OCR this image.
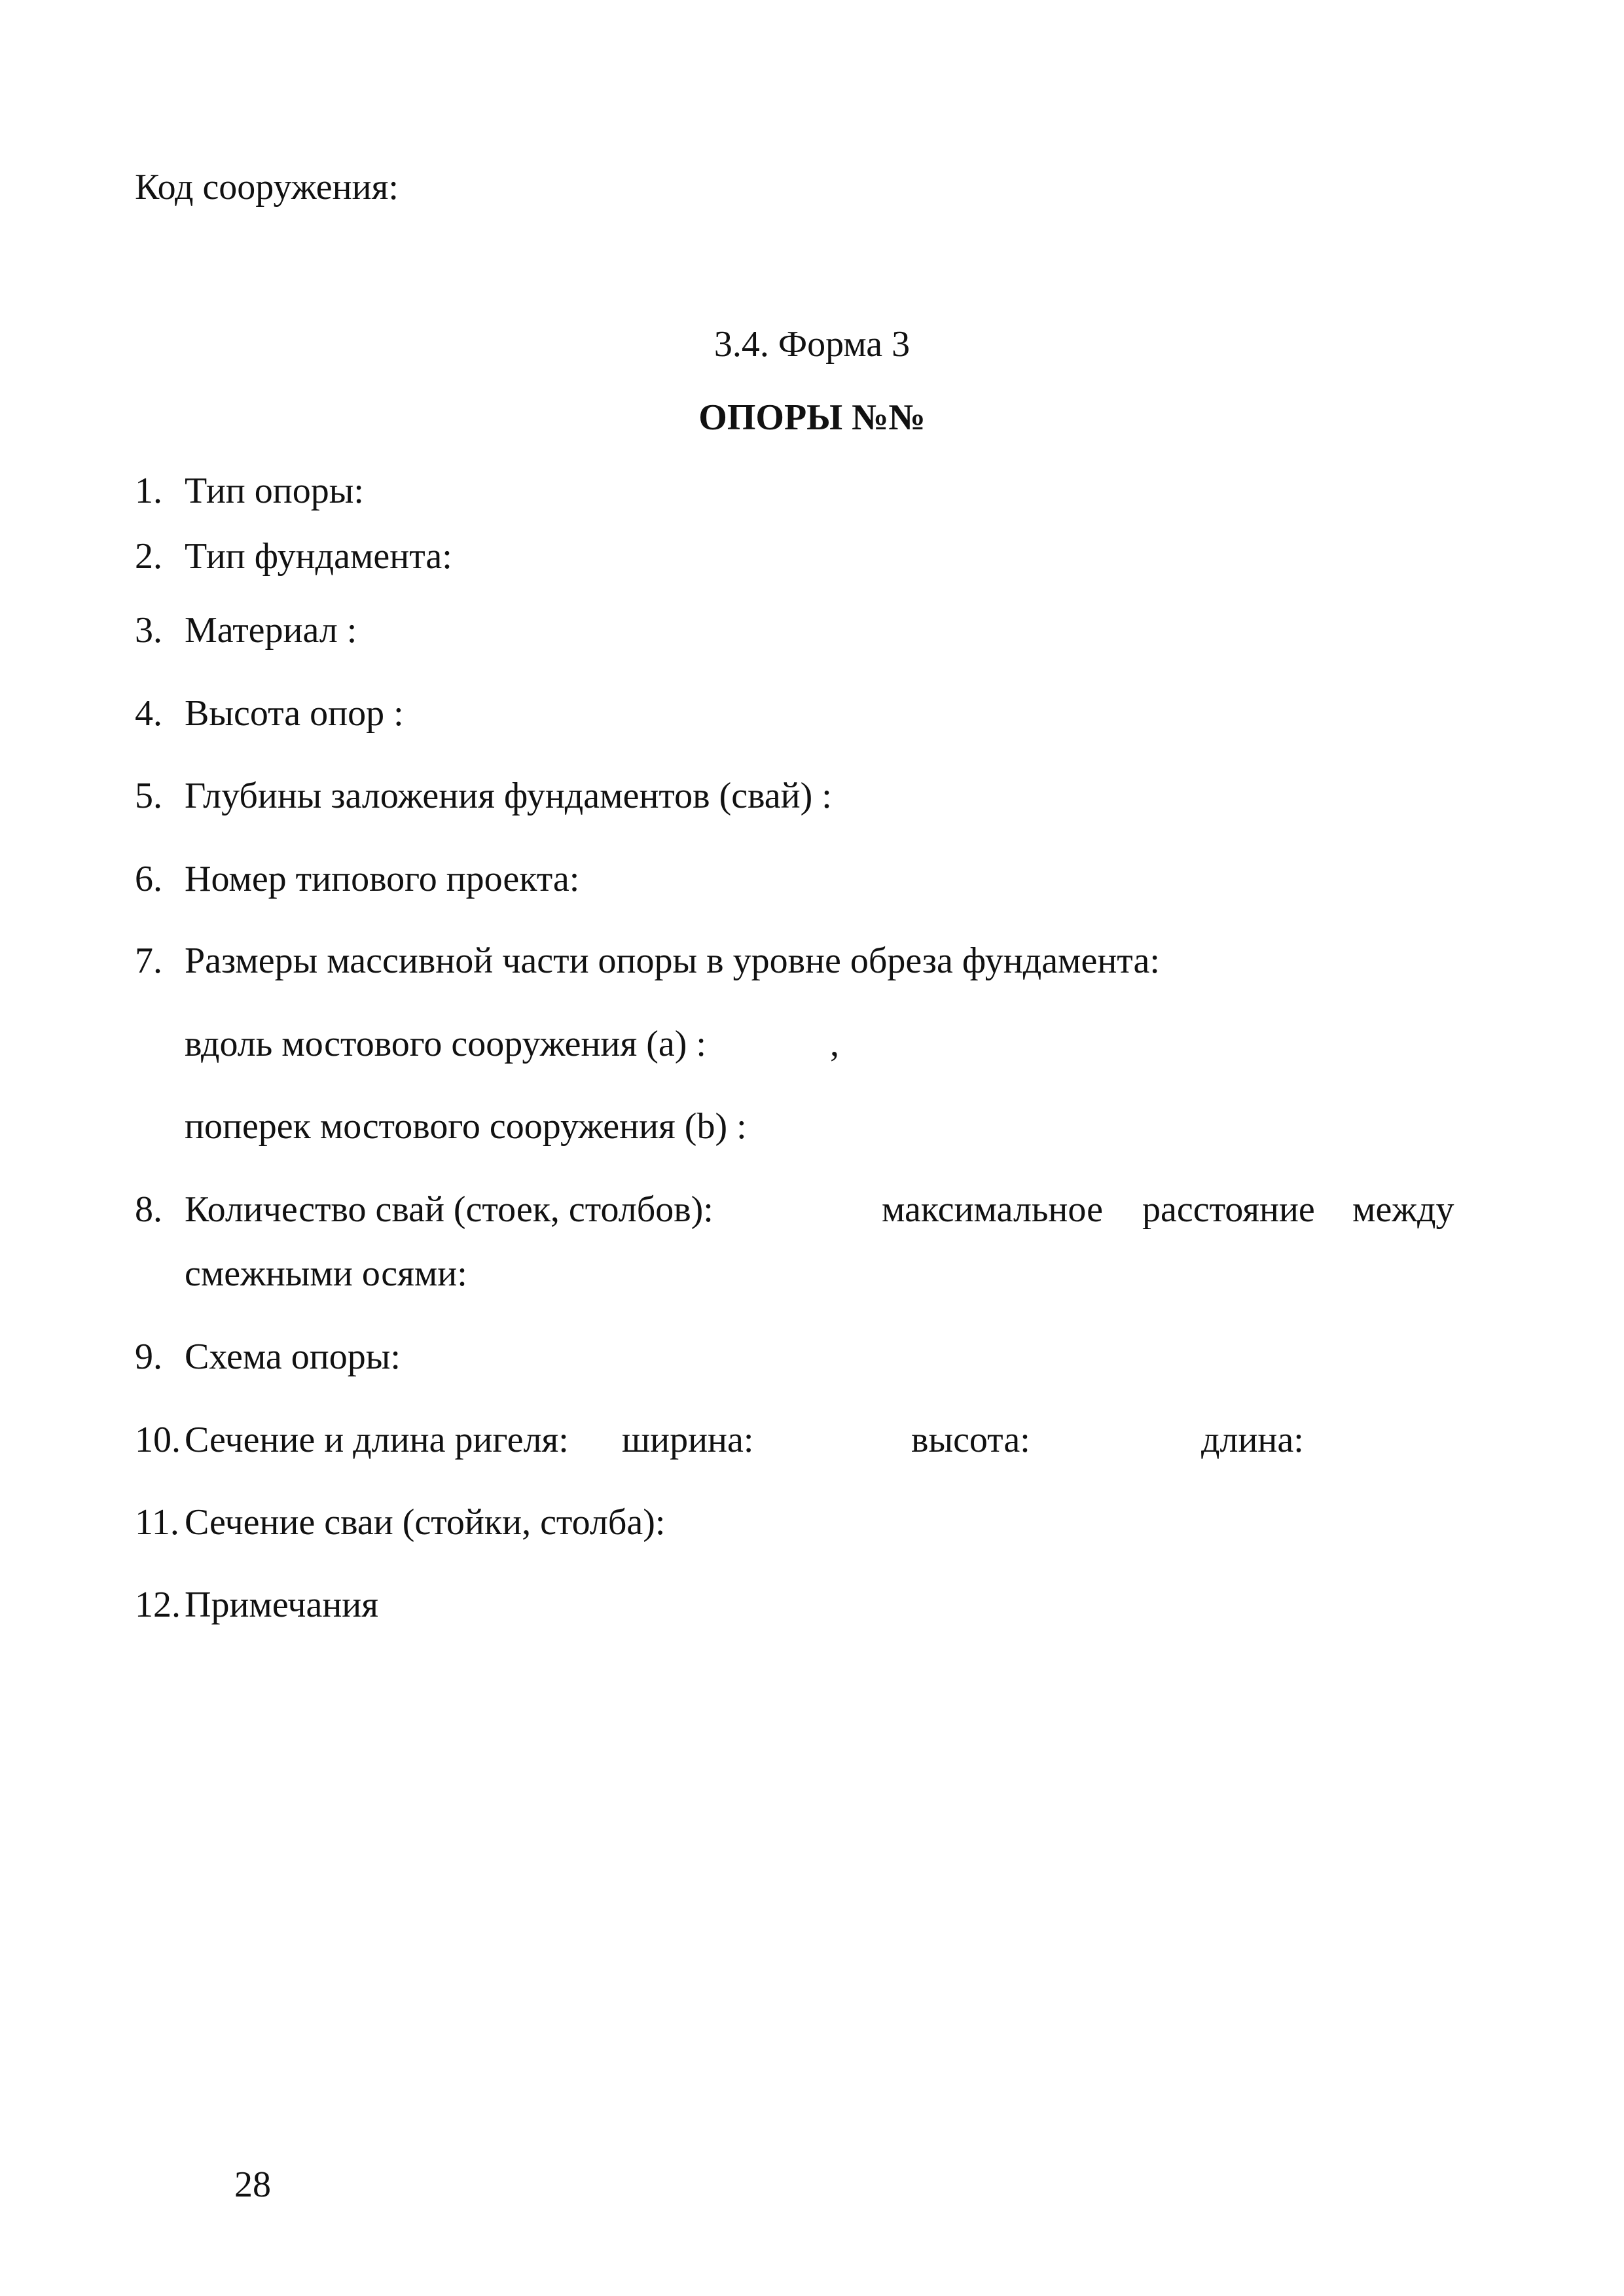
Код сооружения:
3.4. Форма 3
ОПОРЫ №№
1. Тип опоры:
2. Тип фундамента:
3. Материал :
4. Высота опор :
5. Глубины заложения фундаментов (свай) :
6. Номер типового проекта:
7. Размеры массивной части опоры в уровне обреза фундамента:
вдоль мостового сооружения (a) :	,
поперек мостового сооружения (b) :
8. Количество свай (стоек, столбов):	максимальное расстояние между
смежными осями:
9. Схема опоры:
10. Сечение и длина ригеля: ширина:	высота:	длина:
11. Сечение сваи (стойки, столба):
12. Примечания
28
